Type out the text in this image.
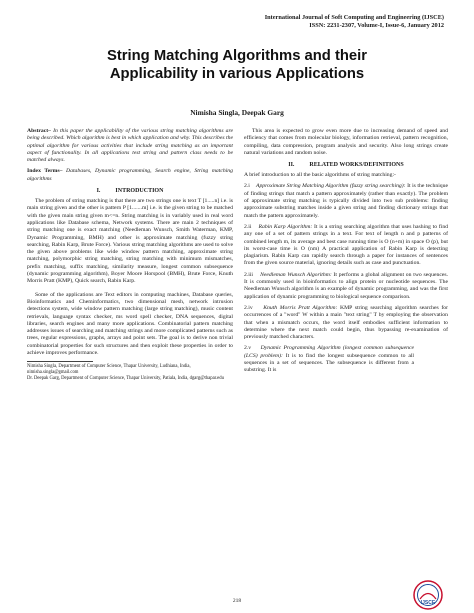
International Journal of Soft Computing and Engineering (IJSCE)
ISSN: 2231-2307, Volume-I, Issue-6, January 2012
String Matching Algorithms and their
Applicability in various Applications
Nimisha Singla, Deepak Garg

Abstract– In this paper the applicability of the various string matching algorithms are being described. Which algorithm is best in which application and why. This describes the optimal algorithm for various activities that include string matching as an important aspect of functionality. In all applications test string and pattern class needs to be matched always.

Index Terms– Databases, Dynamic programming, Search engine, String matching algorithms

I.          INTRODUCTION

The problem of string matching is that there are two strings one is text T [1.....n] i.e. is main string given and the other is pattern P [1.......m] i.e. is the given string to be matched with the given main string given m<=n. String matching is in variably used in real word applications like Database schema, Network systems. There are main 2 techniques of string matching one is exact matching (Needleman Wunsch, Smith Waterman, KMP, Dynamic Programming, BMH) and other is approximate matching (fuzzy string searching, Rabin Karp, Brute Force). Various string matching algorithms are used to solve the given above problems like wide window pattern matching, approximate string matching, polymorphic string matching, string matching with minimum mismatches, prefix matching, suffix matching, similarity measure, longest common subsequence (dynamic programming algorithm), Boyer Moore Horspool (BMH), Brute Force, Knuth Morris Pratt (KMP), Quick search, Rabin Karp.

Some of the applications are Text editors in computing machines, Database queries, Bioinformatics and Cheminformatics, two dimensional mesh, network intrusion detections system, wide window pattern matching (large string matching), music content retrievals, language syntax checker, ms word spell checker, DNA sequences, digital libraries, search engines and many more applications. Combinatorial pattern matching addresses issues of searching and matching strings and more complicated patterns such as trees, regular expressions, graphs, arrays and point sets. The goal is to derive non trivial combinatorial properties for such structures and then exploit these properties in order to achieve improves performance.

Nimisha Singla, Department of Computer Science, Thapar University, Ludhiana, India, nimisha.singla@gmail.com
Dr. Deepak Garg, Department of Computer Science, Thapar University, Patiala, India, dgarg@thapar.edu

This area is expected to grow even more due to increasing demand of speed and efficiency that comes from molecular biology, information retrieval, pattern recognition, compiling, data compression, program analysis and security. Also long strings create natural variations and random noise.

II.          RELATED WORKS/DEFINITIONS

A brief introduction to all the basic algorithms of string matching:-

2.i Approximate String Matching Algorithm (fuzzy string searching): It is the technique of finding strings that match a pattern approximately (rather than exactly). The problem of approximate string matching is typically divided into two sub problems: finding approximate substring matches inside a given string and finding dictionary strings that match the pattern approximately.

2.ii Rabin Karp Algorithm: It is a string searching algorithm that uses hashing to find any one of a set of pattern strings in a text. For text of length n and p patterns of combined length m, its average and best case running time is O (n+m) in space O (p), but its worst-case time is O (nm) A practical application of Rabin Karp is detecting plagiarism. Rabin Karp can rapidly search through a paper for instances of sentences from the given source material, ignoring details such as case and punctuation.

2.iii Needleman Wunsch Algorithm: It performs a global alignment on two sequences. It is commonly used in bioinformatics to align protein or nucleotide sequences. The Needleman Wunsch algorithm is an example of dynamic programming, and was the first application of dynamic programming to biological sequence comparison.

2.iv Knuth Morris Pratt Algorithm: KMP string searching algorithm searches for occurrences of a "word" W within a main "text string" T by employing the observation that when a mismatch occurs, the word itself embodies sufficient information to determine where the next match could begin, thus bypassing re-examination of previously matched characters.

2.v Dynamic Programming Algorithm (longest common subsequence (LCS) problem): It is to find the longest subsequence common to all sequences in a set of sequences. The subsequence is different from a substring. It is

218	IJSCE
